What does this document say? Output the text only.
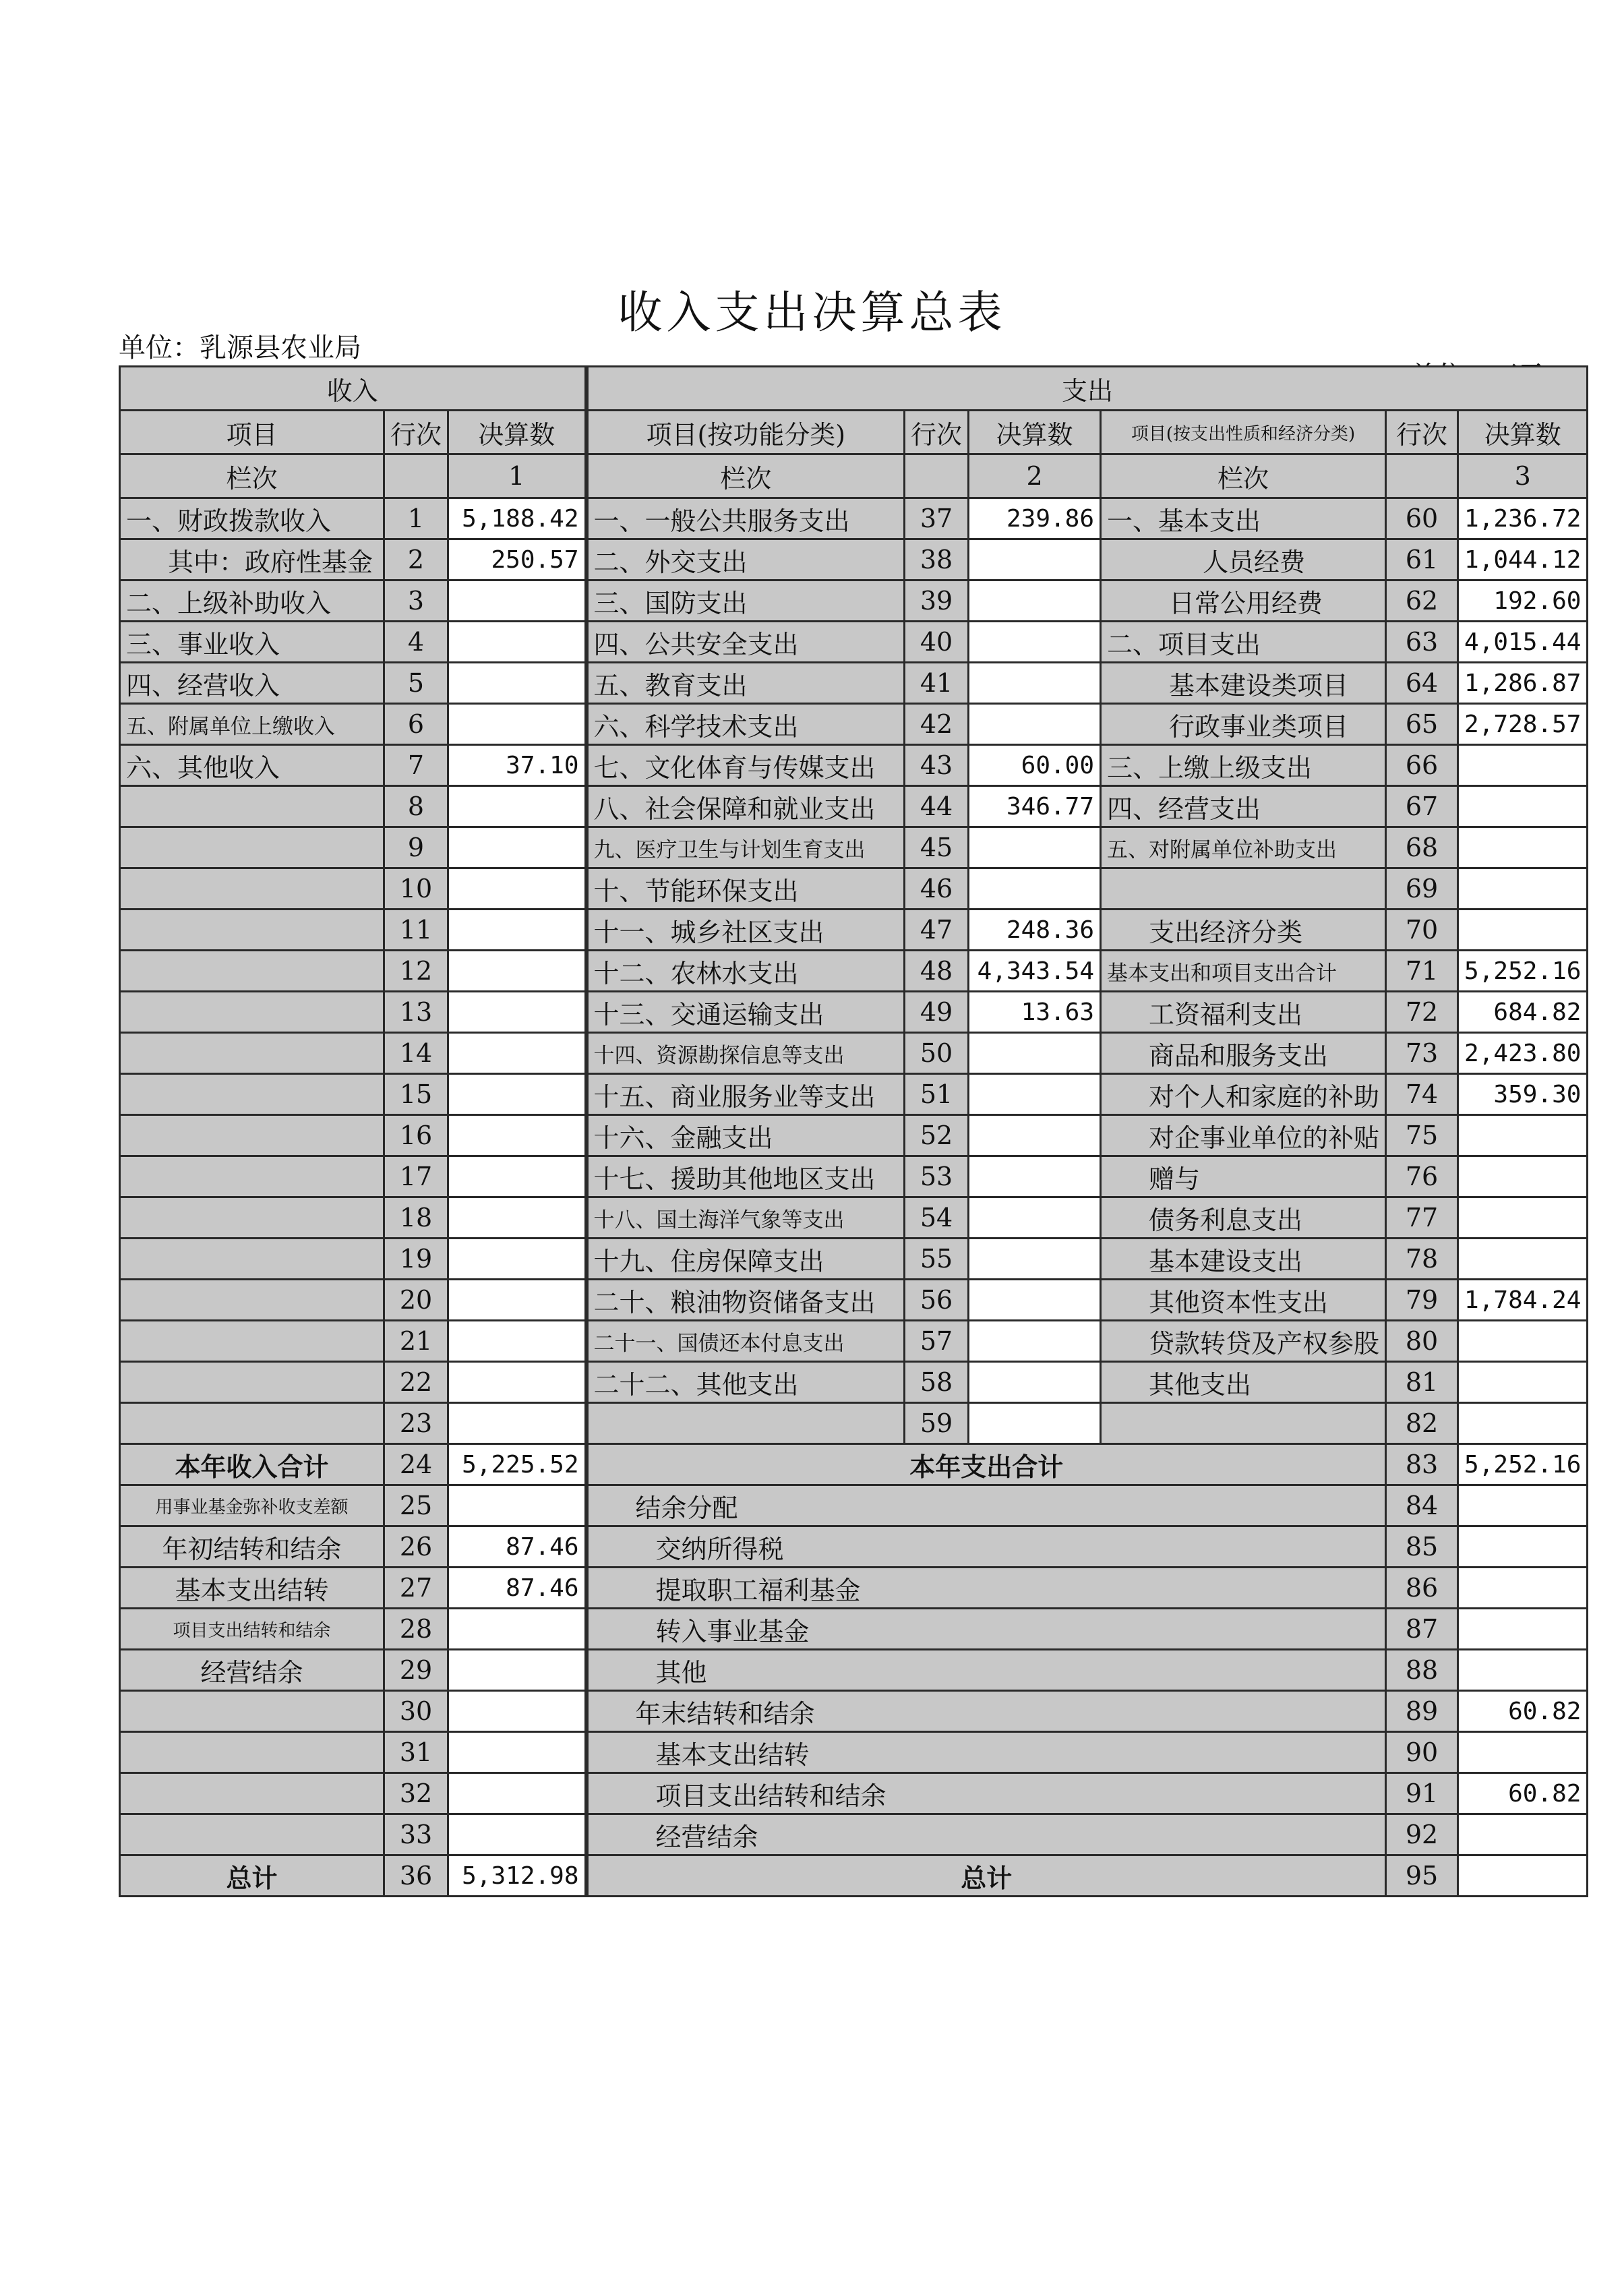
收入支出决算总表
单位：乳源县农业局
收入			支出					
项目	行次	决算数	项目(按功能分类)	行次	决算数	项目(按支出性质和经济分类)	行次	决算数
栏次		1	栏次		2	栏次		3
一、财政拨款收入	1	5,188.42	一、一般公共服务支出	37	239.86	一、基本支出	60	1,236.72
其中：政府性基金	2	250.57	二、外交支出	38		人员经费	61	1,044.12
二、上级补助收入	3		三、国防支出	39		日常公用经费	62	192.60
三、事业收入	4		四、公共安全支出	40		二、项目支出	63	4,015.44
四、经营收入	5		五、教育支出	41		基本建设类项目	64	1,286.87
五、附属单位上缴收入	6		六、科学技术支出	42		行政事业类项目	65	2,728.57
六、其他收入	7	37.10	七、文化体育与传媒支出	43	60.00	三、上缴上级支出	66	
	8		八、社会保障和就业支出	44	346.77	四、经营支出	67	
	9		九、医疗卫生与计划生育支出	45		五、对附属单位补助支出	68	
	10		十、节能环保支出	46			69	
	11		十一、城乡社区支出	47	248.36	支出经济分类	70	
	12		十二、农林水支出	48	4,343.54	基本支出和项目支出合计	71	5,252.16
	13		十三、交通运输支出	49	13.63	工资福利支出	72	684.82
	14		十四、资源勘探信息等支出	50		商品和服务支出	73	2,423.80
	15		十五、商业服务业等支出	51		对个人和家庭的补助	74	359.30
	16		十六、金融支出	52		对企事业单位的补贴	75	
	17		十七、援助其他地区支出	53		赠与	76	
	18		十八、国土海洋气象等支出	54		债务利息支出	77	
	19		十九、住房保障支出	55		基本建设支出	78	
	20		二十、粮油物资储备支出	56		其他资本性支出	79	1,784.24
	21		二十一、国债还本付息支出	57		贷款转贷及产权参股	80	
	22		二十二、其他支出	58		其他支出	81	
	23			59			82	
本年收入合计	24	5,225.52	本年支出合计				83	5,252.16
用事业基金弥补收支差额	25		结余分配				84	
年初结转和结余	26	87.46	交纳所得税				85	
基本支出结转	27	87.46	提取职工福利基金				86	
项目支出结转和结余	28		转入事业基金				87	
经营结余	29		其他				88	
	30		年末结转和结余				89	60.82
	31		基本支出结转				90	
	32		项目支出结转和结余				91	60.82
	33		经营结余				92	
总计	36	5,312.98	总计				95	
